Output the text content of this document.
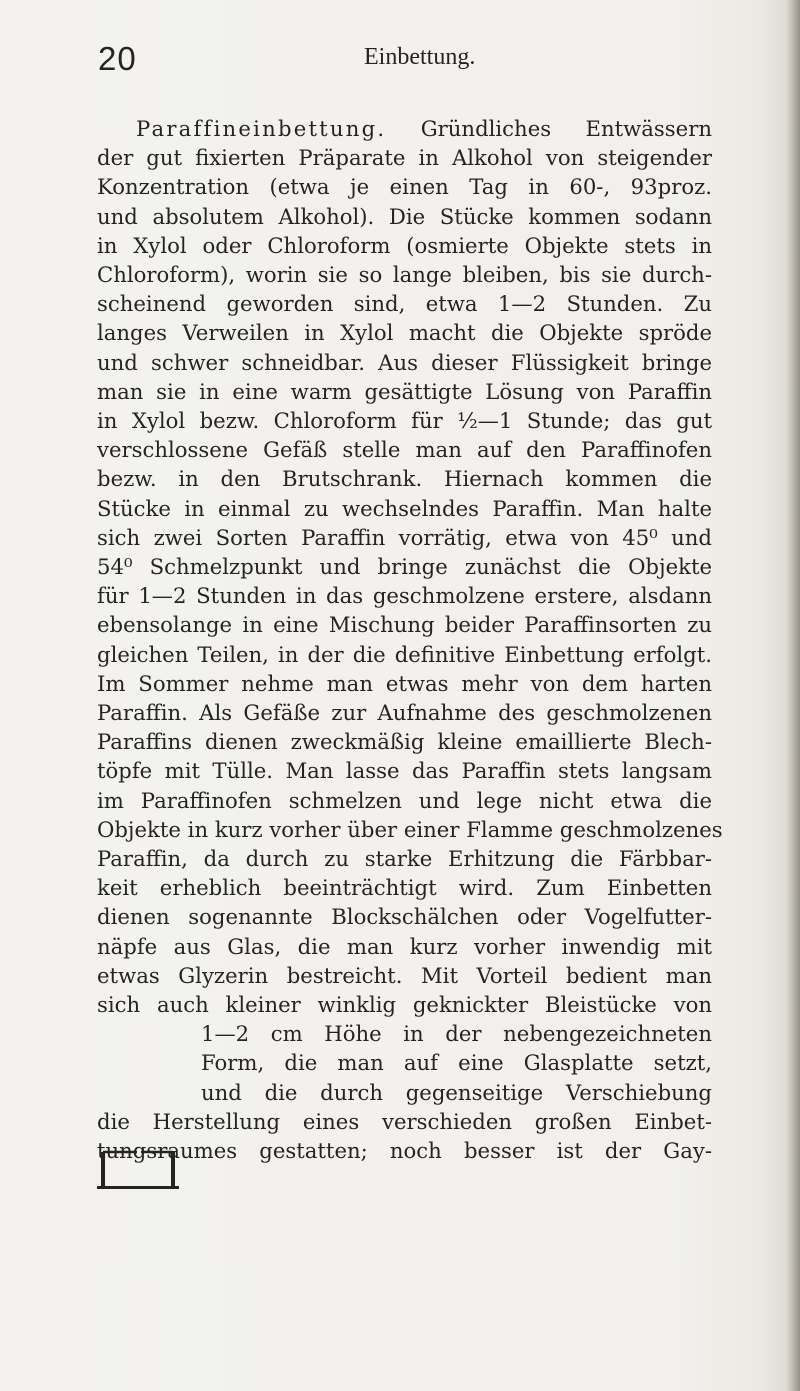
20	Einbettung.
Paraffineinbettung. Gründliches Entwässern
der gut fixierten Präparate in Alkohol von steigender
Konzentration (etwa je einen Tag in 60-, 93proz.
und absolutem Alkohol). Die Stücke kommen sodann
in Xylol oder Chloroform (osmierte Objekte stets in
Chloroform), worin sie so lange bleiben, bis sie durch-
scheinend geworden sind, etwa 1—2 Stunden. Zu
langes Verweilen in Xylol macht die Objekte spröde
und schwer schneidbar. Aus dieser Flüssigkeit bringe
man sie in eine warm gesättigte Lösung von Paraffin
in Xylol bezw. Chloroform für ½—1 Stunde; das gut
verschlossene Gefäß stelle man auf den Paraffinofen
bezw. in den Brutschrank. Hiernach kommen die
Stücke in einmal zu wechselndes Paraffin. Man halte
sich zwei Sorten Paraffin vorrätig, etwa von 45⁰ und
54⁰ Schmelzpunkt und bringe zunächst die Objekte
für 1—2 Stunden in das geschmolzene erstere, alsdann
ebensolange in eine Mischung beider Paraffinsorten zu
gleichen Teilen, in der die definitive Einbettung erfolgt.
Im Sommer nehme man etwas mehr von dem harten
Paraffin. Als Gefäße zur Aufnahme des geschmolzenen
Paraffins dienen zweckmäßig kleine emaillierte Blech-
töpfe mit Tülle. Man lasse das Paraffin stets langsam
im Paraffinofen schmelzen und lege nicht etwa die
Objekte in kurz vorher über einer Flamme geschmolzenes
Paraffin, da durch zu starke Erhitzung die Färbbar-
keit erheblich beeinträchtigt wird. Zum Einbetten
dienen sogenannte Blockschälchen oder Vogelfutter-
näpfe aus Glas, die man kurz vorher inwendig mit
etwas Glyzerin bestreicht. Mit Vorteil bedient man
sich auch kleiner winklig geknickter Bleistücke von
1—2 cm Höhe in der nebengezeichneten
Form, die man auf eine Glasplatte setzt,
und die durch gegenseitige Verschiebung
die Herstellung eines verschieden großen Einbet-
tungsraumes gestatten; noch besser ist der Gay-
